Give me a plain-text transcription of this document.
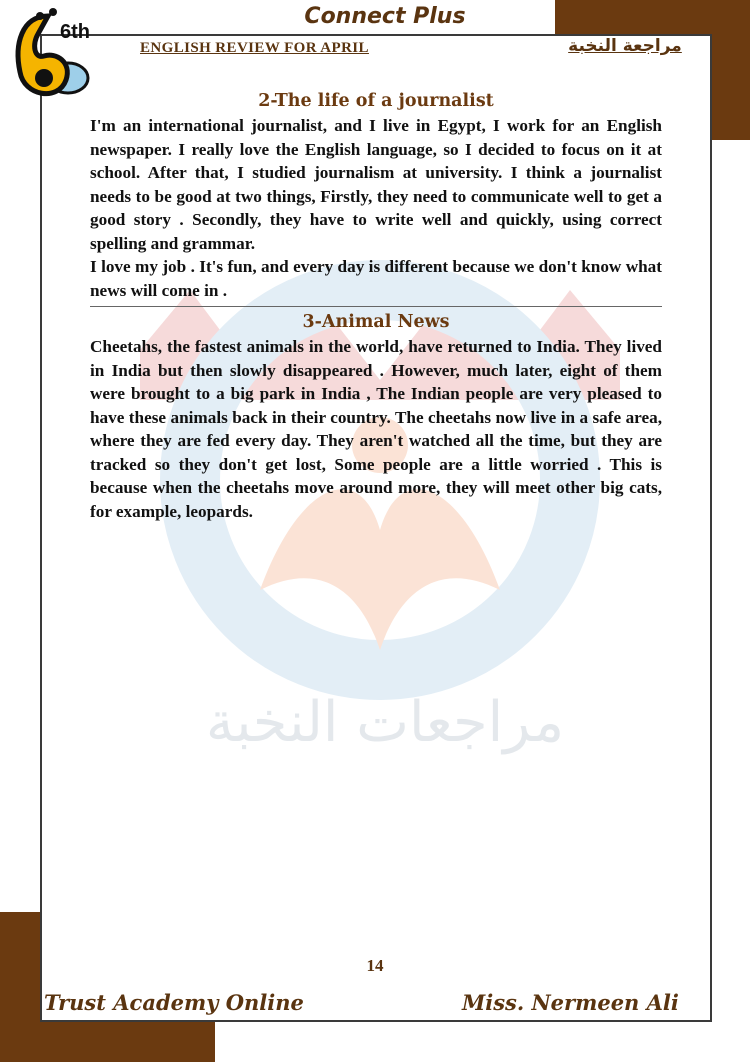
مراجعات النخبة
6th
Connect Plus
ENGLISH REVIEW FOR APRIL	مراجعة النخبة
2-The life of a journalist

I'm an international journalist, and I live in Egypt, I work for an English newspaper. I really love the English language, so I decided to focus on it at school. After that, I studied journalism at university. I think a journalist needs to be good at two things, Firstly, they need to communicate well to get a good story . Secondly, they have to write well and quickly, using correct spelling and grammar.

I love my job . It's fun, and every day is different because we don't know what news will come in .

3-Animal News

Cheetahs, the fastest animals in the world, have returned to India. They lived in India but then slowly disappeared . However, much later, eight of them were brought to a big park in India , The Indian people are very pleased to have these animals back in their country. The cheetahs now live in a safe area, where they are fed every day. They aren't watched all the time, but they are tracked so they don't get lost, Some people are a little worried . This is because when the cheetahs move around more, they will meet other big cats, for example, leopards.

14
Trust Academy Online	Miss. Nermeen Ali
